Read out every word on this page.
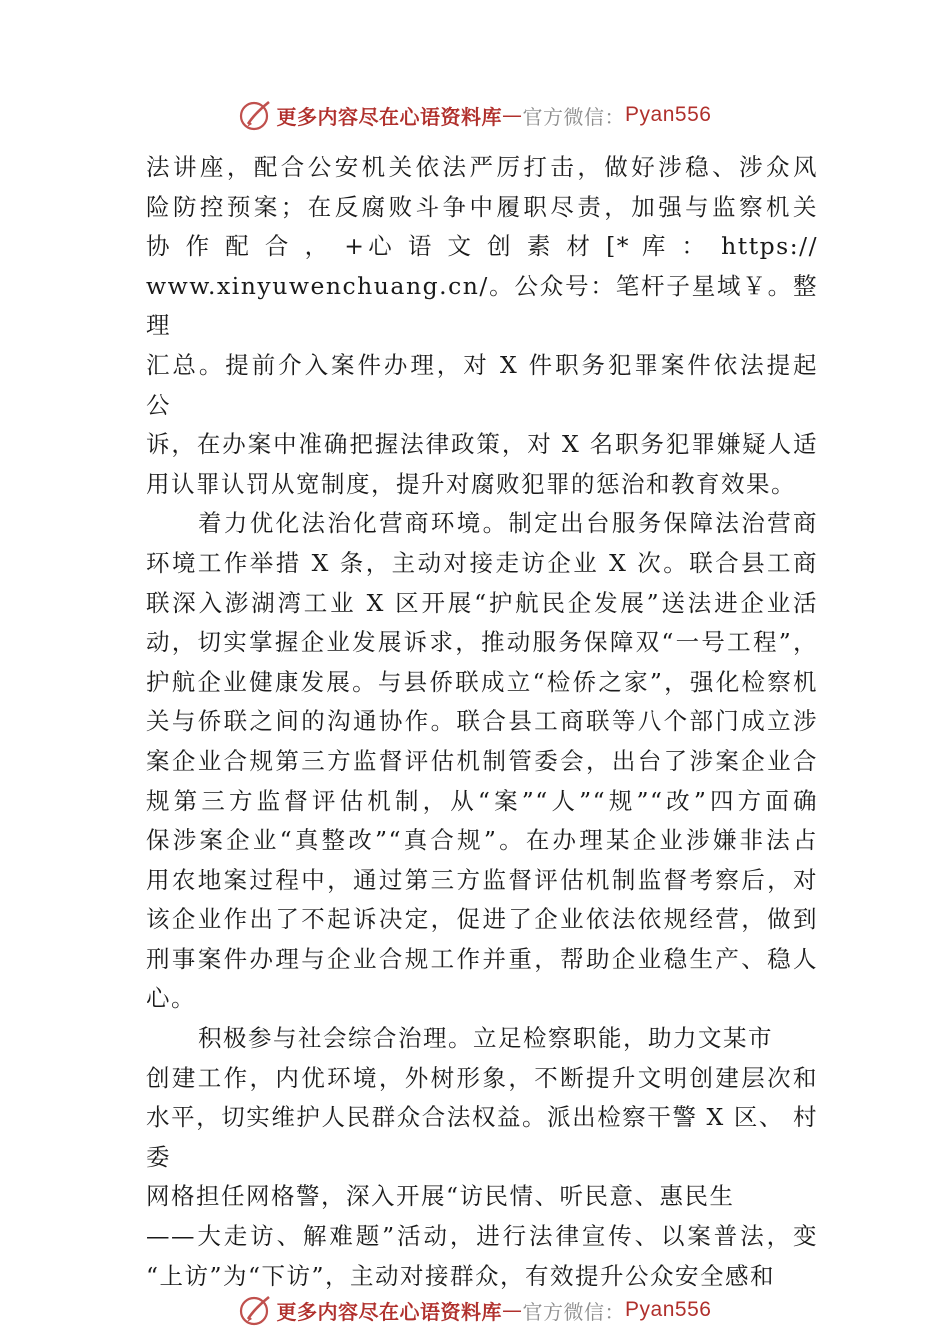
更多内容尽在心语资料库 — 官方微信： Pyan556

法讲座，配合公安机关依法严厉打击，做好涉稳、涉众风

险防控预案；在反腐败斗争中履职尽责，加强与监察机关

协 作 配 合 ， +心 语 文 创 素 材 [* 库 ： https://

www.xinyuwenchuang.cn/。公众号：笔杆子星域￥。整理

汇总。提前介入案件办理，对 X 件职务犯罪案件依法提起

公

诉，在办案中准确把握法律政策，对 X 名职务犯罪嫌疑人适

用认罪认罚从宽制度，提升对腐败犯罪的惩治和教育效果。

着力优化法治化营商环境。制定出台服务保障法治营商

环境工作举措 X 条，主动对接走访企业 X 次。联合县工商

联深入澎湖湾工业 X 区开展“护航民企发展”送法进企业活

动，切实掌握企业发展诉求，推动服务保障双“一号工程”，

护航企业健康发展。与县侨联成立“检侨之家”，强化检察机

关与侨联之间的沟通协作。联合县工商联等八个部门成立涉

案企业合规第三方监督评估机制管委会，出台了涉案企业合

规第三方监督评估机制，从“案”“人”“规”“改”四方面确

保涉案企业“真整改”“真合规”。在办理某企业涉嫌非法占

用农地案过程中，通过第三方监督评估机制监督考察后，对

该企业作出了不起诉决定，促进了企业依法依规经营，做到

刑事案件办理与企业合规工作并重，帮助企业稳生产、稳人

心。

积极参与社会综合治理。立足检察职能，助力文某市

创建工作，内优环境，外树形象，不断提升文明创建层次和

水平，切实维护人民群众合法权益。派出检察干警 X 区、 村委

网格担任网格警，深入开展“访民情、听民意、惠民生

——大走访、解难题”活动，进行法律宣传、以案普法，变

“上访”为“下访”，主动对接群众，有效提升公众安全感和

更多内容尽在心语资料库 — 官方微信： Pyan556
